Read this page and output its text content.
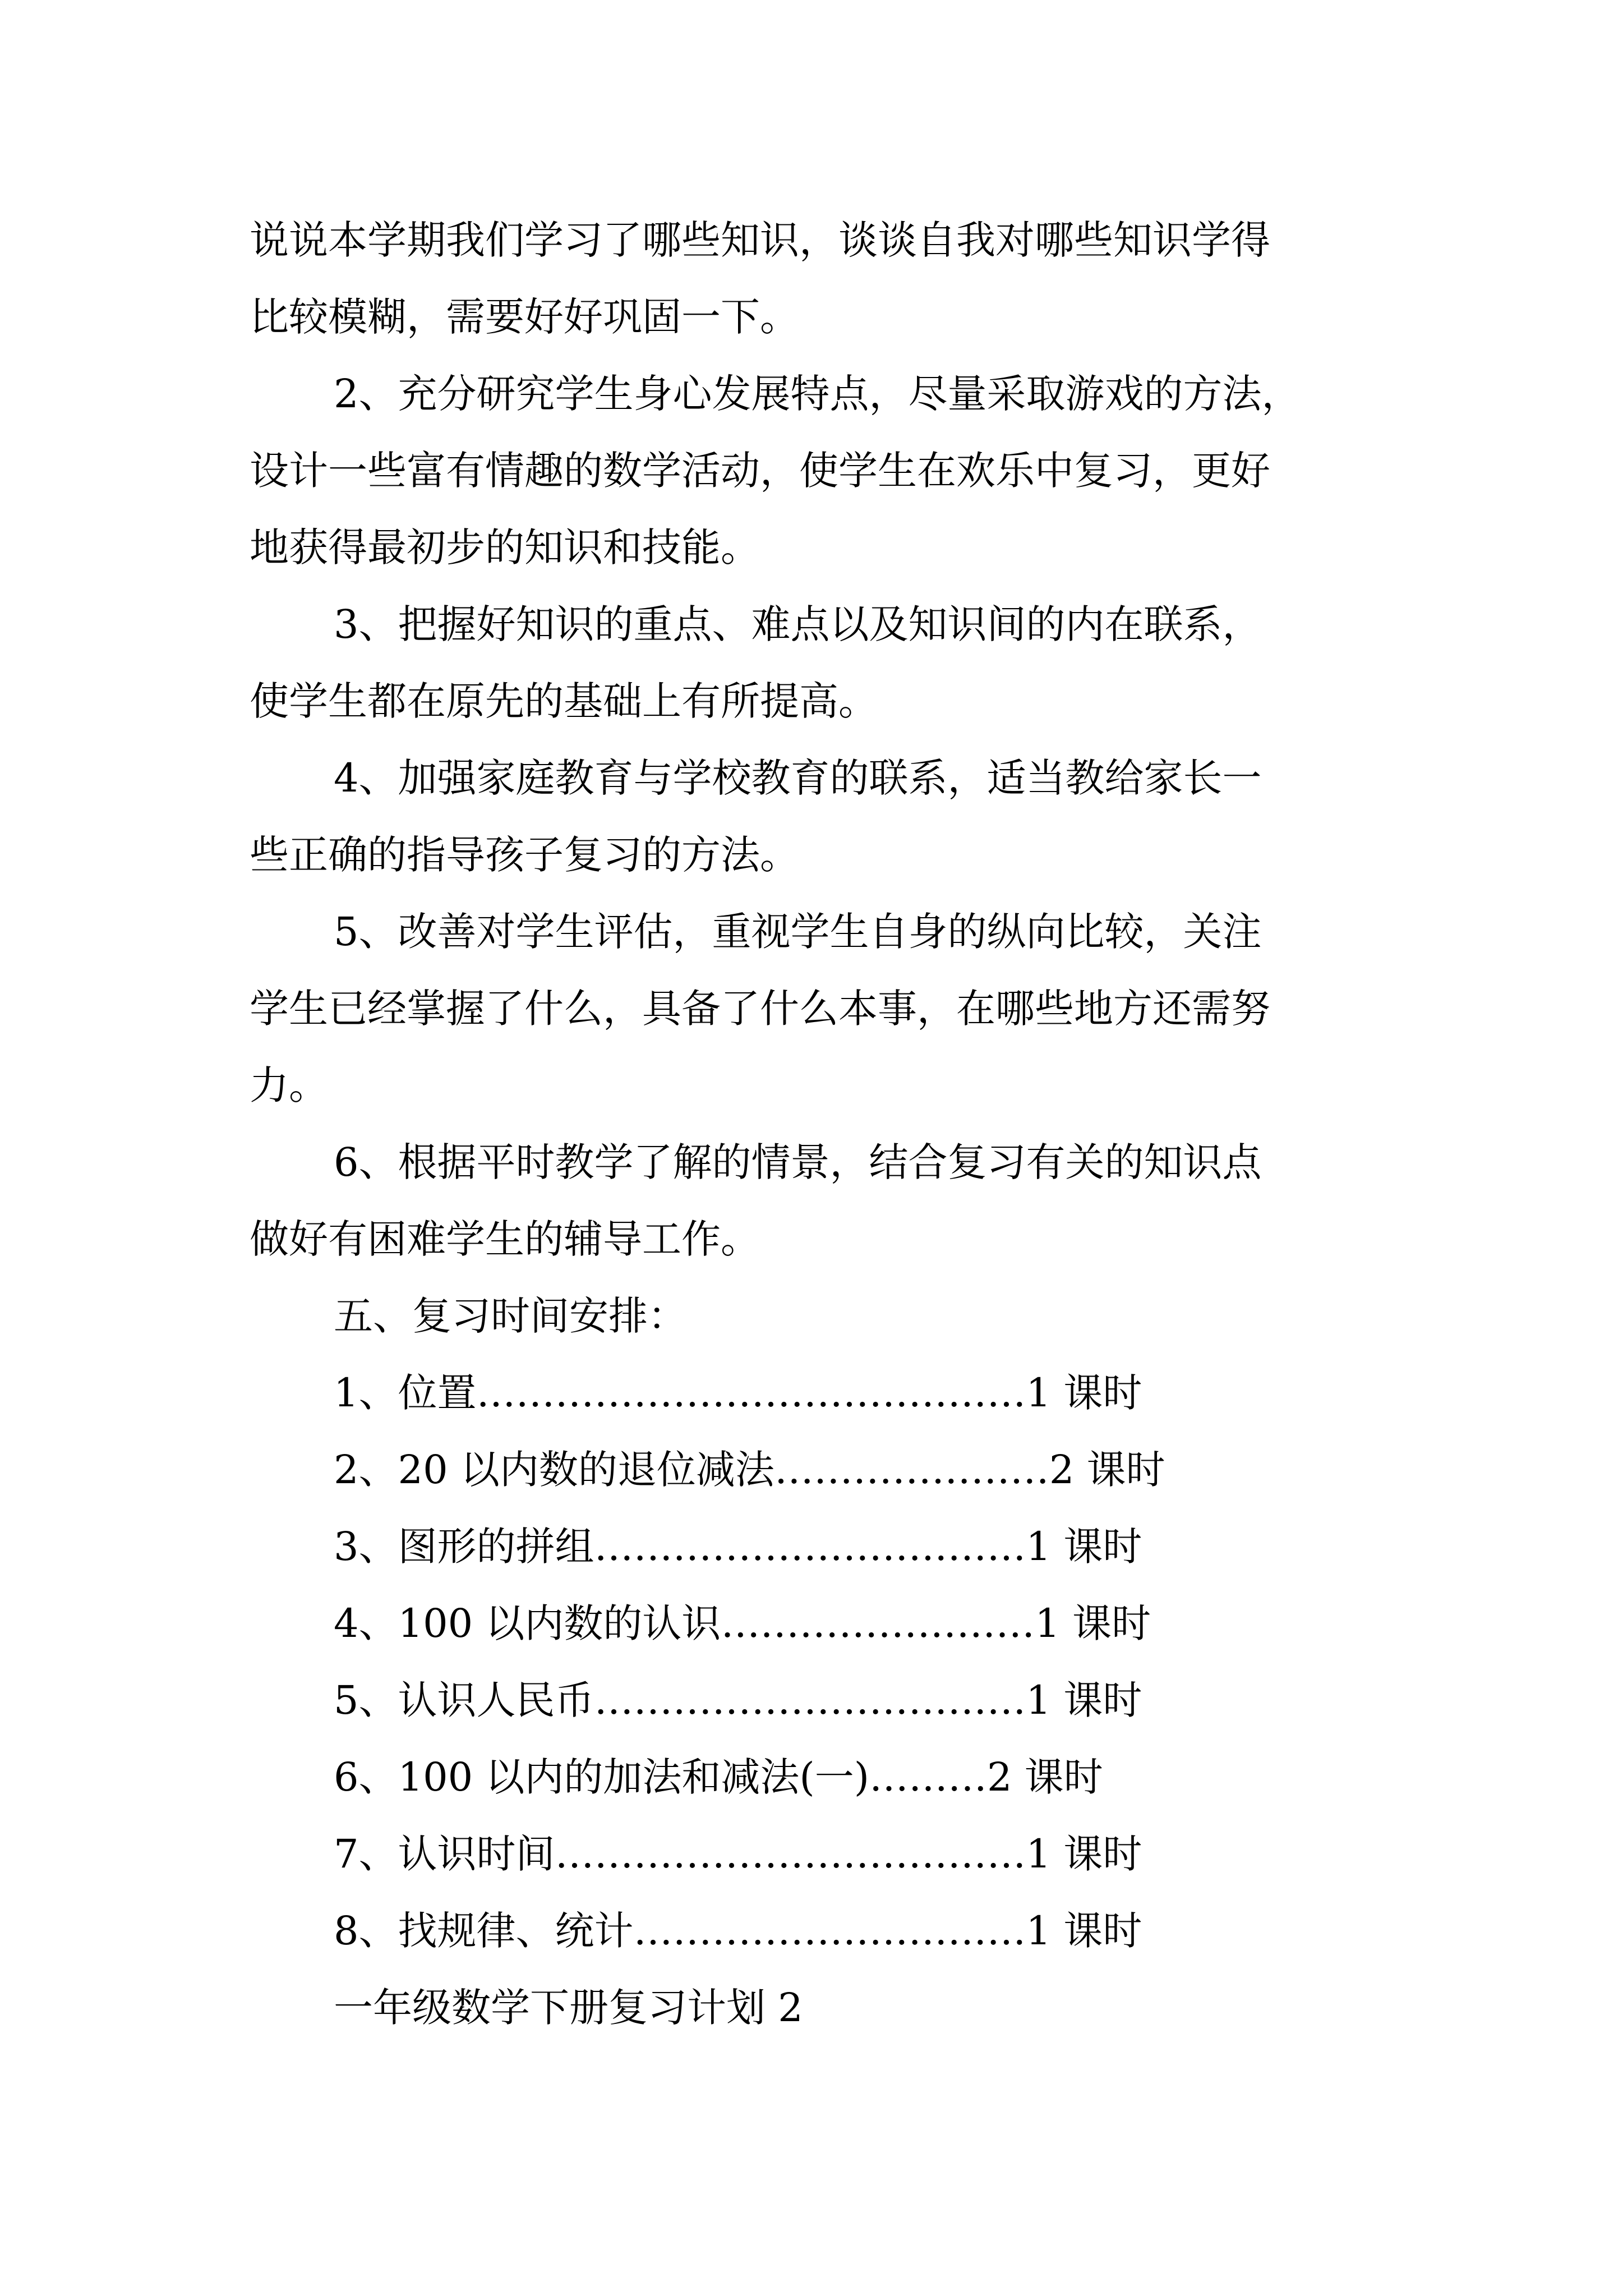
说说本学期我们学习了哪些知识，谈谈自我对哪些知识学得
比较模糊，需要好好巩固一下。
2、充分研究学生身心发展特点，尽量采取游戏的方法，
设计一些富有情趣的数学活动，使学生在欢乐中复习，更好
地获得最初步的知识和技能。
3、把握好知识的重点、难点以及知识间的内在联系，
使学生都在原先的基础上有所提高。
4、加强家庭教育与学校教育的联系，适当教给家长一
些正确的指导孩子复习的方法。
5、改善对学生评估，重视学生自身的纵向比较，关注
学生已经掌握了什么，具备了什么本事，在哪些地方还需努
力。
6、根据平时教学了解的情景，结合复习有关的知识点
做好有困难学生的辅导工作。
五、复习时间安排：
1、位置……………………………………1 课时
2、20 以内数的退位减法…………………2 课时
3、图形的拼组……………………………1 课时
4、100 以内数的认识……………………1 课时
5、认识人民币……………………………1 课时
6、100 以内的加法和减法(一)………2 课时
7、认识时间………………………………1 课时
8、找规律、统计…………………………1 课时
一年级数学下册复习计划 2
